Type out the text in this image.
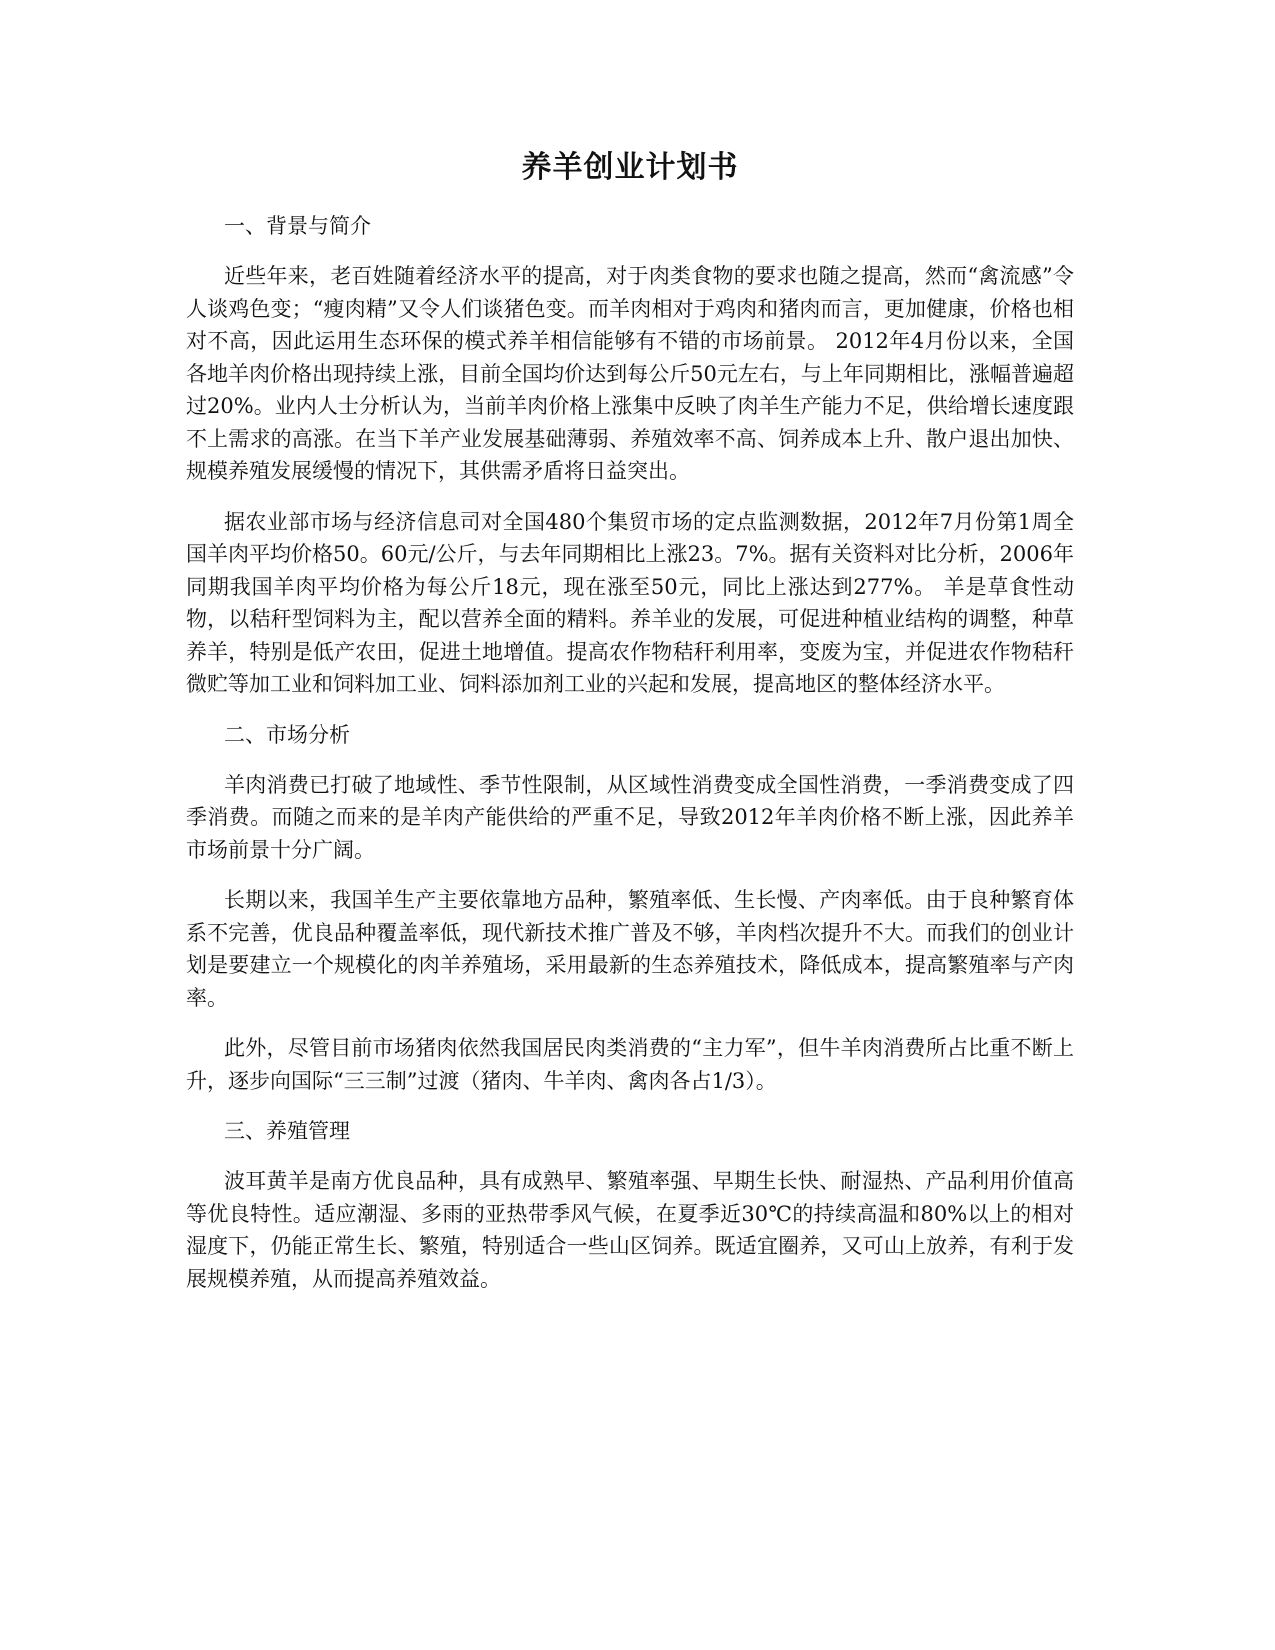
养羊创业计划书
一、背景与简介

近些年来，老百姓随着经济水平的提高，对于肉类食物的要求也随之提高，然而“禽流感”令人谈鸡色变；“瘦肉精”又令人们谈猪色变。而羊肉相对于鸡肉和猪肉而言，更加健康，价格也相对不高，因此运用生态环保的模式养羊相信能够有不错的市场前景。 2012年4月份以来，全国各地羊肉价格出现持续上涨，目前全国均价达到每公斤50元左右，与上年同期相比，涨幅普遍超过20%。业内人士分析认为，当前羊肉价格上涨集中反映了肉羊生产能力不足，供给增长速度跟不上需求的高涨。在当下羊产业发展基础薄弱、养殖效率不高、饲养成本上升、散户退出加快、规模养殖发展缓慢的情况下，其供需矛盾将日益突出。

据农业部市场与经济信息司对全国480个集贸市场的定点监测数据，2012年7月份第1周全国羊肉平均价格50。60元/公斤，与去年同期相比上涨23。7%。据有关资料对比分析，2006年同期我国羊肉平均价格为每公斤18元，现在涨至50元，同比上涨达到277%。 羊是草食性动物，以秸秆型饲料为主，配以营养全面的精料。养羊业的发展，可促进种植业结构的调整，种草养羊，特别是低产农田，促进土地增值。提高农作物秸秆利用率，变废为宝，并促进农作物秸秆微贮等加工业和饲料加工业、饲料添加剂工业的兴起和发展，提高地区的整体经济水平。

二、市场分析

羊肉消费已打破了地域性、季节性限制，从区域性消费变成全国性消费，一季消费变成了四季消费。而随之而来的是羊肉产能供给的严重不足，导致2012年羊肉价格不断上涨，因此养羊市场前景十分广阔。

长期以来，我国羊生产主要依靠地方品种，繁殖率低、生长慢、产肉率低。由于良种繁育体系不完善，优良品种覆盖率低，现代新技术推广普及不够，羊肉档次提升不大。而我们的创业计划是要建立一个规模化的肉羊养殖场，采用最新的生态养殖技术，降低成本，提高繁殖率与产肉率。

此外，尽管目前市场猪肉依然我国居民肉类消费的“主力军”，但牛羊肉消费所占比重不断上升，逐步向国际“三三制”过渡（猪肉、牛羊肉、禽肉各占1/3）。

三、养殖管理

波耳黄羊是南方优良品种，具有成熟早、繁殖率强、早期生长快、耐湿热、产品利用价值高等优良特性。适应潮湿、多雨的亚热带季风气候，在夏季近30℃的持续高温和80%以上的相对湿度下，仍能正常生长、繁殖，特别适合一些山区饲养。既适宜圈养，又可山上放养，有利于发展规模养殖，从而提高养殖效益。
